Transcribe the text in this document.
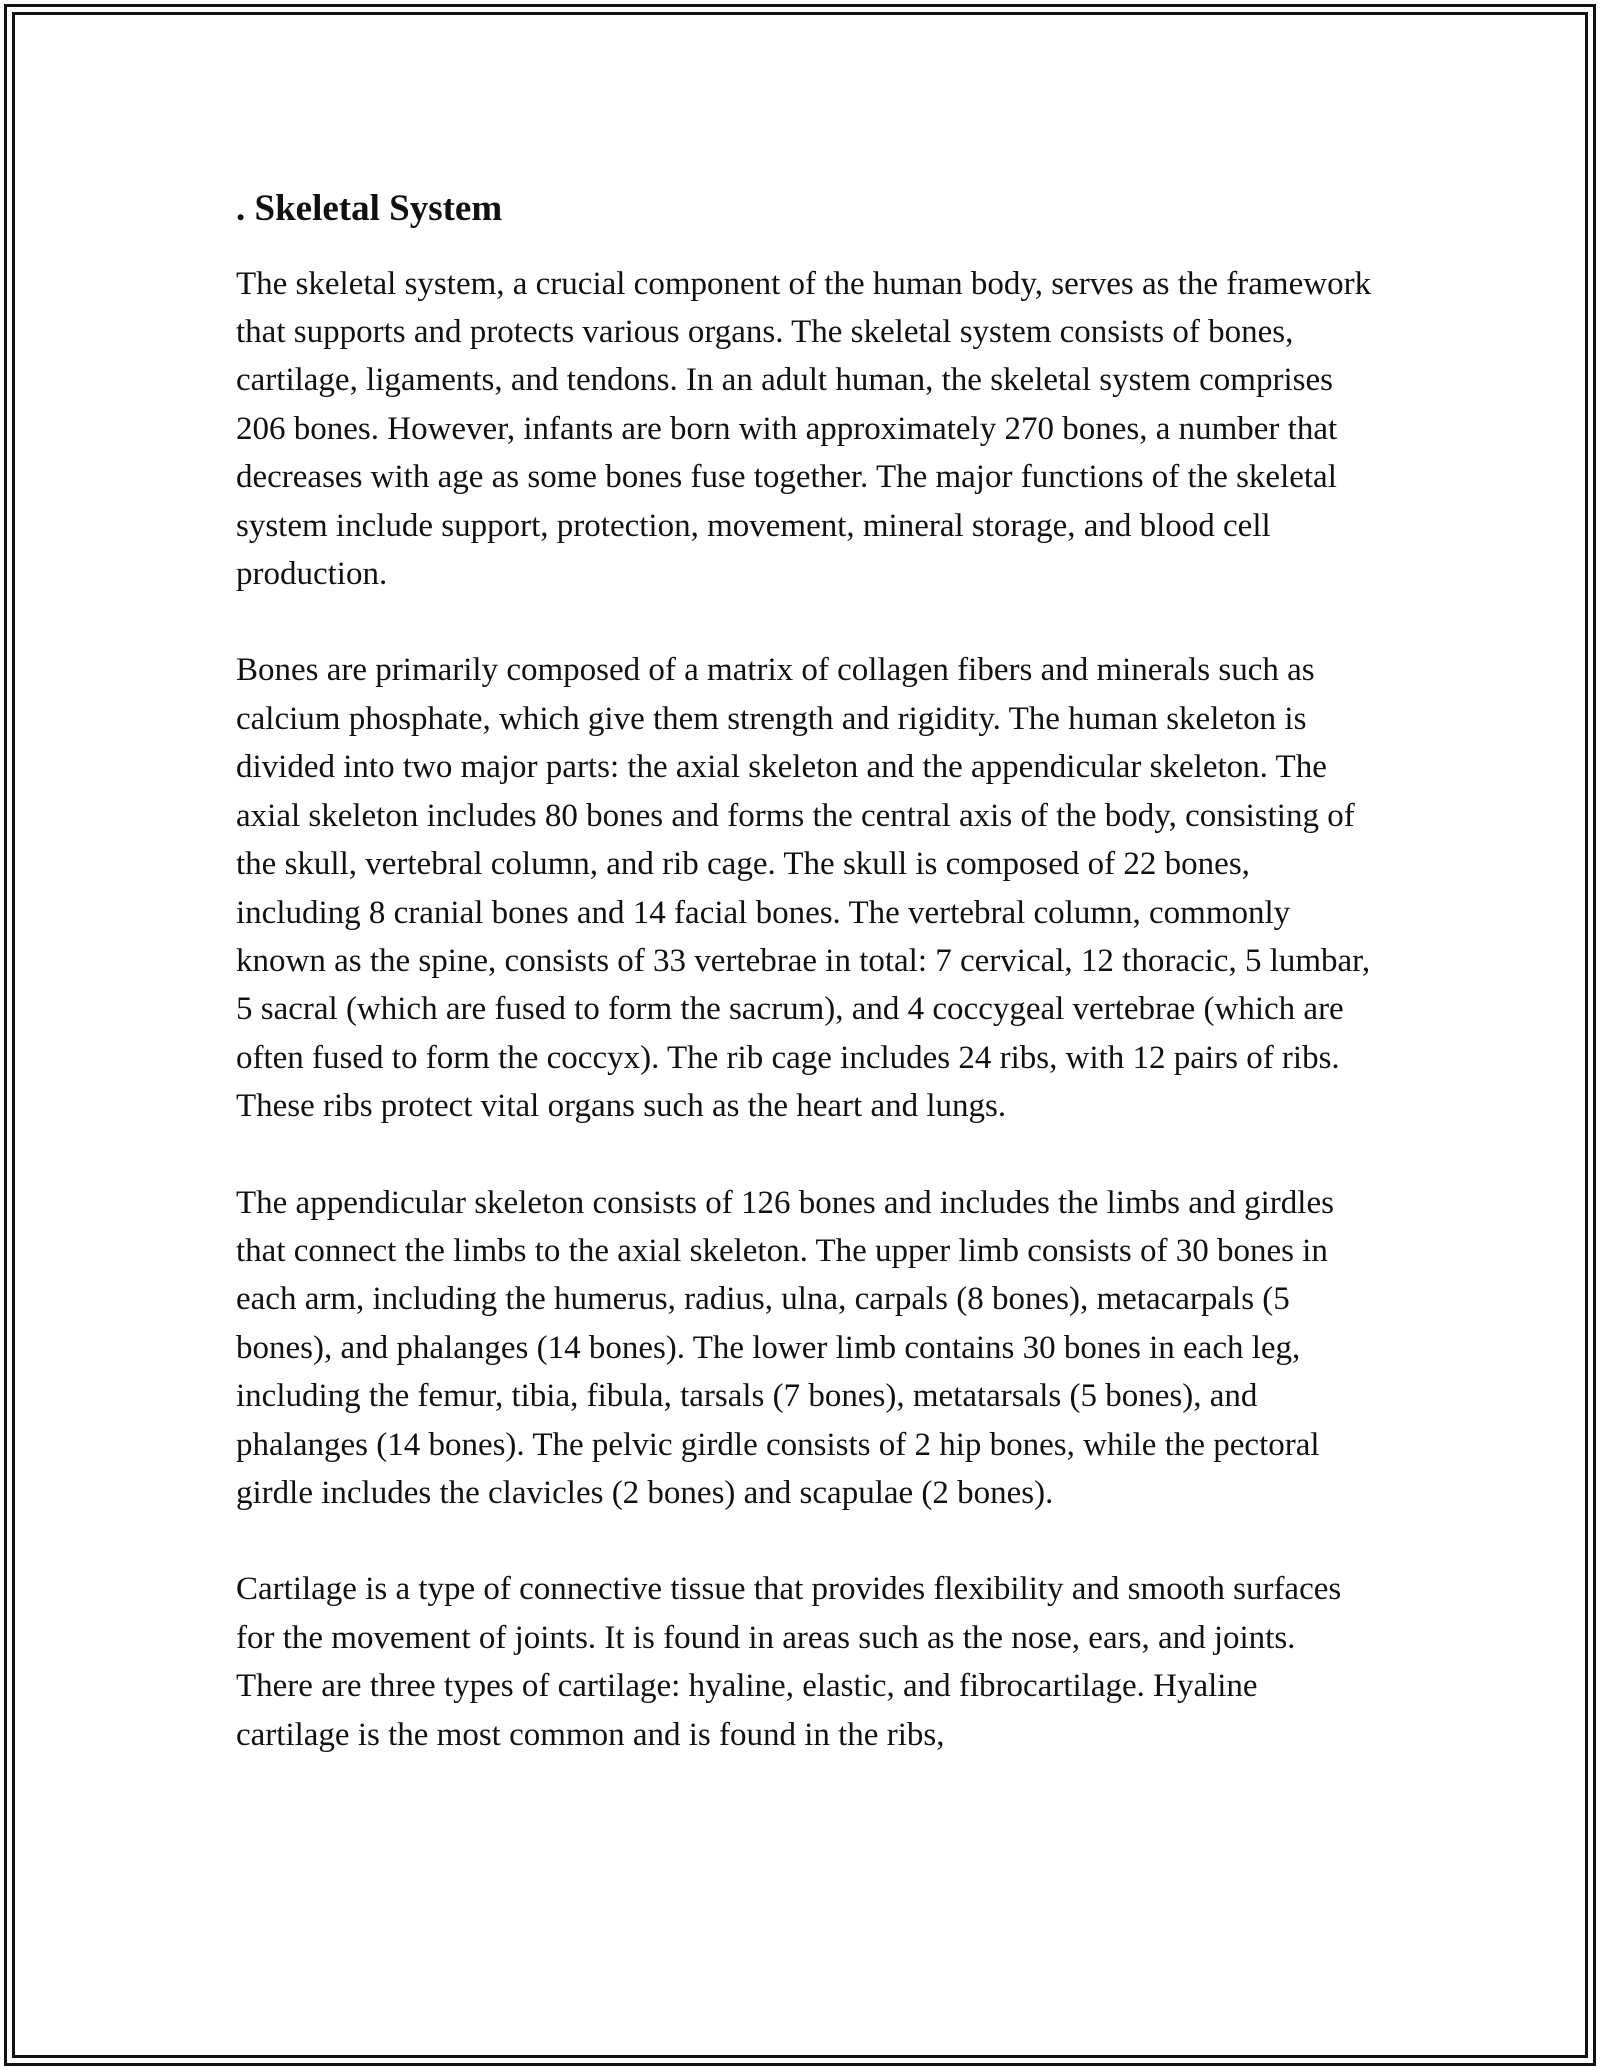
. Skeletal System

The skeletal system, a crucial component of the human body, serves as the framework that supports and protects various organs. The skeletal system consists of bones, cartilage, ligaments, and tendons. In an adult human, the skeletal system comprises 206 bones. However, infants are born with approximately 270 bones, a number that decreases with age as some bones fuse together. The major functions of the skeletal system include support, protection, movement, mineral storage, and blood cell production.

Bones are primarily composed of a matrix of collagen fibers and minerals such as calcium phosphate, which give them strength and rigidity. The human skeleton is divided into two major parts: the axial skeleton and the appendicular skeleton. The axial skeleton includes 80 bones and forms the central axis of the body, consisting of the skull, vertebral column, and rib cage. The skull is composed of 22 bones, including 8 cranial bones and 14 facial bones. The vertebral column, commonly known as the spine, consists of 33 vertebrae in total: 7 cervical, 12 thoracic, 5 lumbar, 5 sacral (which are fused to form the sacrum), and 4 coccygeal vertebrae (which are often fused to form the coccyx). The rib cage includes 24 ribs, with 12 pairs of ribs. These ribs protect vital organs such as the heart and lungs.

The appendicular skeleton consists of 126 bones and includes the limbs and girdles that connect the limbs to the axial skeleton. The upper limb consists of 30 bones in each arm, including the humerus, radius, ulna, carpals (8 bones), metacarpals (5 bones), and phalanges (14 bones). The lower limb contains 30 bones in each leg, including the femur, tibia, fibula, tarsals (7 bones), metatarsals (5 bones), and phalanges (14 bones). The pelvic girdle consists of 2 hip bones, while the pectoral girdle includes the clavicles (2 bones) and scapulae (2 bones).

Cartilage is a type of connective tissue that provides flexibility and smooth surfaces for the movement of joints. It is found in areas such as the nose, ears, and joints. There are three types of cartilage: hyaline, elastic, and fibrocartilage. Hyaline cartilage is the most common and is found in the ribs,
